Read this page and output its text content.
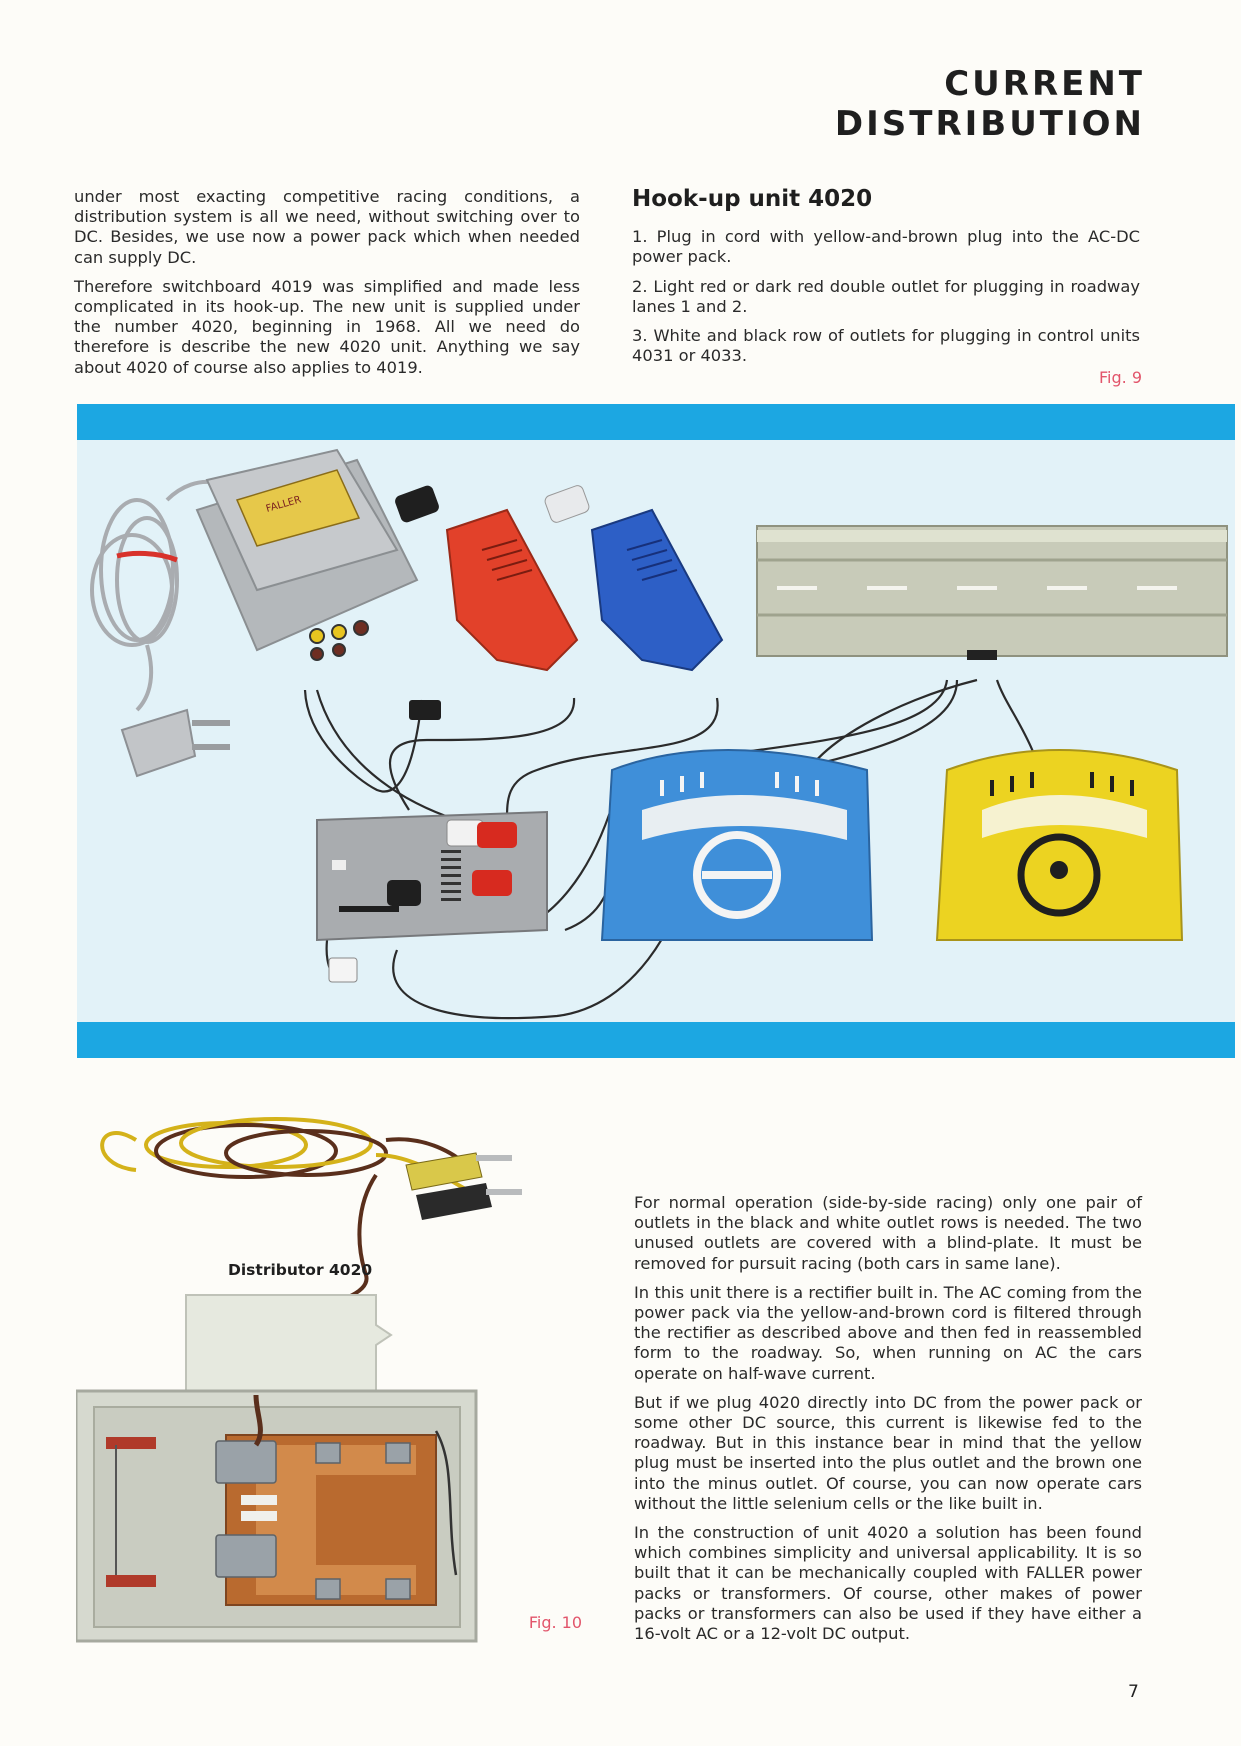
CURRENT DISTRIBUTION

under most exacting competitive racing conditions, a distribution system is all we need, without switching over to DC. Besides, we use now a power pack which when needed can supply DC.

Therefore switchboard 4019 was simplified and made less complicated in its hook-up. The new unit is supplied under the number 4020, beginning in 1968. All we need do therefore is describe the new 4020 unit. Anything we say about 4020 of course also applies to 4019.

Hook-up unit 4020

1. Plug in cord with yellow-and-brown plug into the AC-DC power pack.

2. Light red or dark red double outlet for plugging in roadway lanes 1 and 2.

3. White and black row of outlets for plugging in control units 4031 or 4033.

Fig. 9
FALLER
Distributor 4020
Fig. 10

For normal operation (side-by-side racing) only one pair of outlets in the black and white outlet rows is needed. The two unused outlets are covered with a blind-plate. It must be removed for pursuit racing (both cars in same lane).

In this unit there is a rectifier built in. The AC coming from the power pack via the yellow-and-brown cord is filtered through the rectifier as described above and then fed in reassembled form to the roadway. So, when running on AC the cars operate on half-wave current.

But if we plug 4020 directly into DC from the power pack or some other DC source, this current is likewise fed to the roadway. But in this instance bear in mind that the yellow plug must be inserted into the plus outlet and the brown one into the minus outlet. Of course, you can now operate cars without the little selenium cells or the like built in.

In the construction of unit 4020 a solution has been found which combines simplicity and universal applicability. It is so built that it can be mechanically coupled with FALLER power packs or transformers. Of course, other makes of power packs or transformers can also be used if they have either a 16-volt AC or a 12-volt DC output.

7
